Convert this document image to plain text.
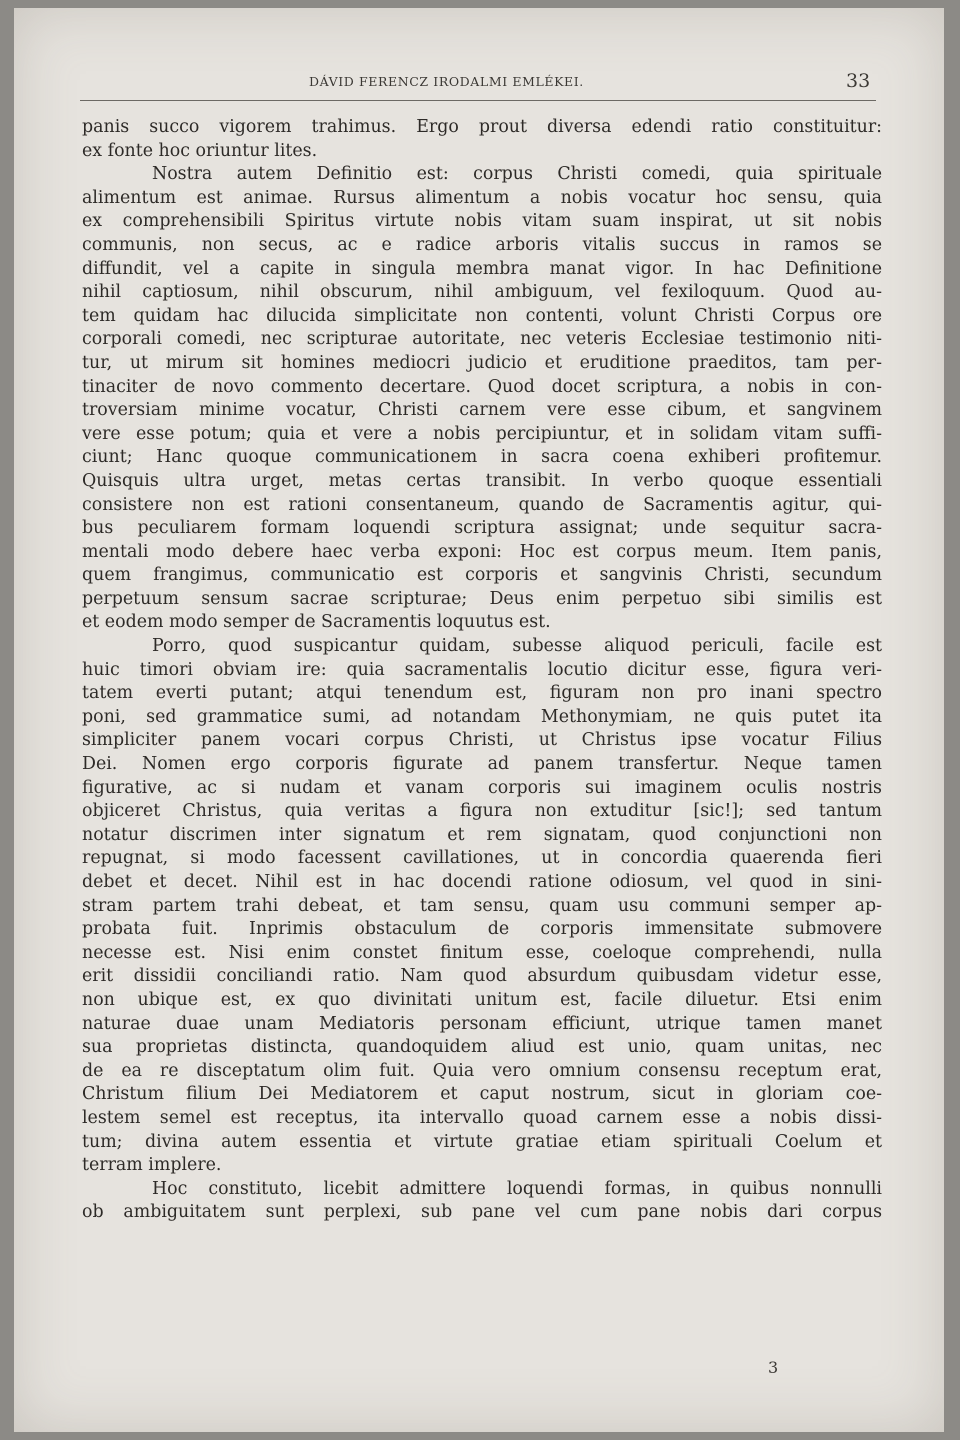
DÁVID FERENCZ IRODALMI EMLÉKEI.	33
panis succo vigorem trahimus. Ergo prout diversa edendi ratio constituitur:
ex fonte hoc oriuntur lites.
Nostra autem Definitio est: corpus Christi comedi, quia spirituale
alimentum est animae. Rursus alimentum a nobis vocatur hoc sensu, quia
ex comprehensibili Spiritus virtute nobis vitam suam inspirat, ut sit nobis
communis, non secus, ac e radice arboris vitalis succus in ramos se
diffundit, vel a capite in singula membra manat vigor. In hac Definitione
nihil captiosum, nihil obscurum, nihil ambiguum, vel fexiloquum. Quod au-
tem quidam hac dilucida simplicitate non contenti, volunt Christi Corpus ore
corporali comedi, nec scripturae autoritate, nec veteris Ecclesiae testimonio niti-
tur, ut mirum sit homines mediocri judicio et eruditione praeditos, tam per-
tinaciter de novo commento decertare. Quod docet scriptura, a nobis in con-
troversiam minime vocatur, Christi carnem vere esse cibum, et sangvinem
vere esse potum; quia et vere a nobis percipiuntur, et in solidam vitam suffi-
ciunt; Hanc quoque communicationem in sacra coena exhiberi profitemur.
Quisquis ultra urget, metas certas transibit. In verbo quoque essentiali
consistere non est rationi consentaneum, quando de Sacramentis agitur, qui-
bus peculiarem formam loquendi scriptura assignat; unde sequitur sacra-
mentali modo debere haec verba exponi: Hoc est corpus meum. Item panis,
quem frangimus, communicatio est corporis et sangvinis Christi, secundum
perpetuum sensum sacrae scripturae; Deus enim perpetuo sibi similis est
et eodem modo semper de Sacramentis loquutus est.
Porro, quod suspicantur quidam, subesse aliquod periculi, facile est
huic timori obviam ire: quia sacramentalis locutio dicitur esse, figura veri-
tatem everti putant; atqui tenendum est, figuram non pro inani spectro
poni, sed grammatice sumi, ad notandam Methonymiam, ne quis putet ita
simpliciter panem vocari corpus Christi, ut Christus ipse vocatur Filius
Dei. Nomen ergo corporis figurate ad panem transfertur. Neque tamen
figurative, ac si nudam et vanam corporis sui imaginem oculis nostris
objiceret Christus, quia veritas a figura non extuditur [sic!]; sed tantum
notatur discrimen inter signatum et rem signatam, quod conjunctioni non
repugnat, si modo facessent cavillationes, ut in concordia quaerenda fieri
debet et decet. Nihil est in hac docendi ratione odiosum, vel quod in sini-
stram partem trahi debeat, et tam sensu, quam usu communi semper ap-
probata fuit. Inprimis obstaculum de corporis immensitate submovere
necesse est. Nisi enim constet finitum esse, coeloque comprehendi, nulla
erit dissidii conciliandi ratio. Nam quod absurdum quibusdam videtur esse,
non ubique est, ex quo divinitati unitum est, facile diluetur. Etsi enim
naturae duae unam Mediatoris personam efficiunt, utrique tamen manet
sua proprietas distincta, quandoquidem aliud est unio, quam unitas, nec
de ea re disceptatum olim fuit. Quia vero omnium consensu receptum erat,
Christum filium Dei Mediatorem et caput nostrum, sicut in gloriam coe-
lestem semel est receptus, ita intervallo quoad carnem esse a nobis dissi-
tum; divina autem essentia et virtute gratiae etiam spirituali Coelum et
terram implere.
Hoc constituto, licebit admittere loquendi formas, in quibus nonnulli
ob ambiguitatem sunt perplexi, sub pane vel cum pane nobis dari corpus
3
